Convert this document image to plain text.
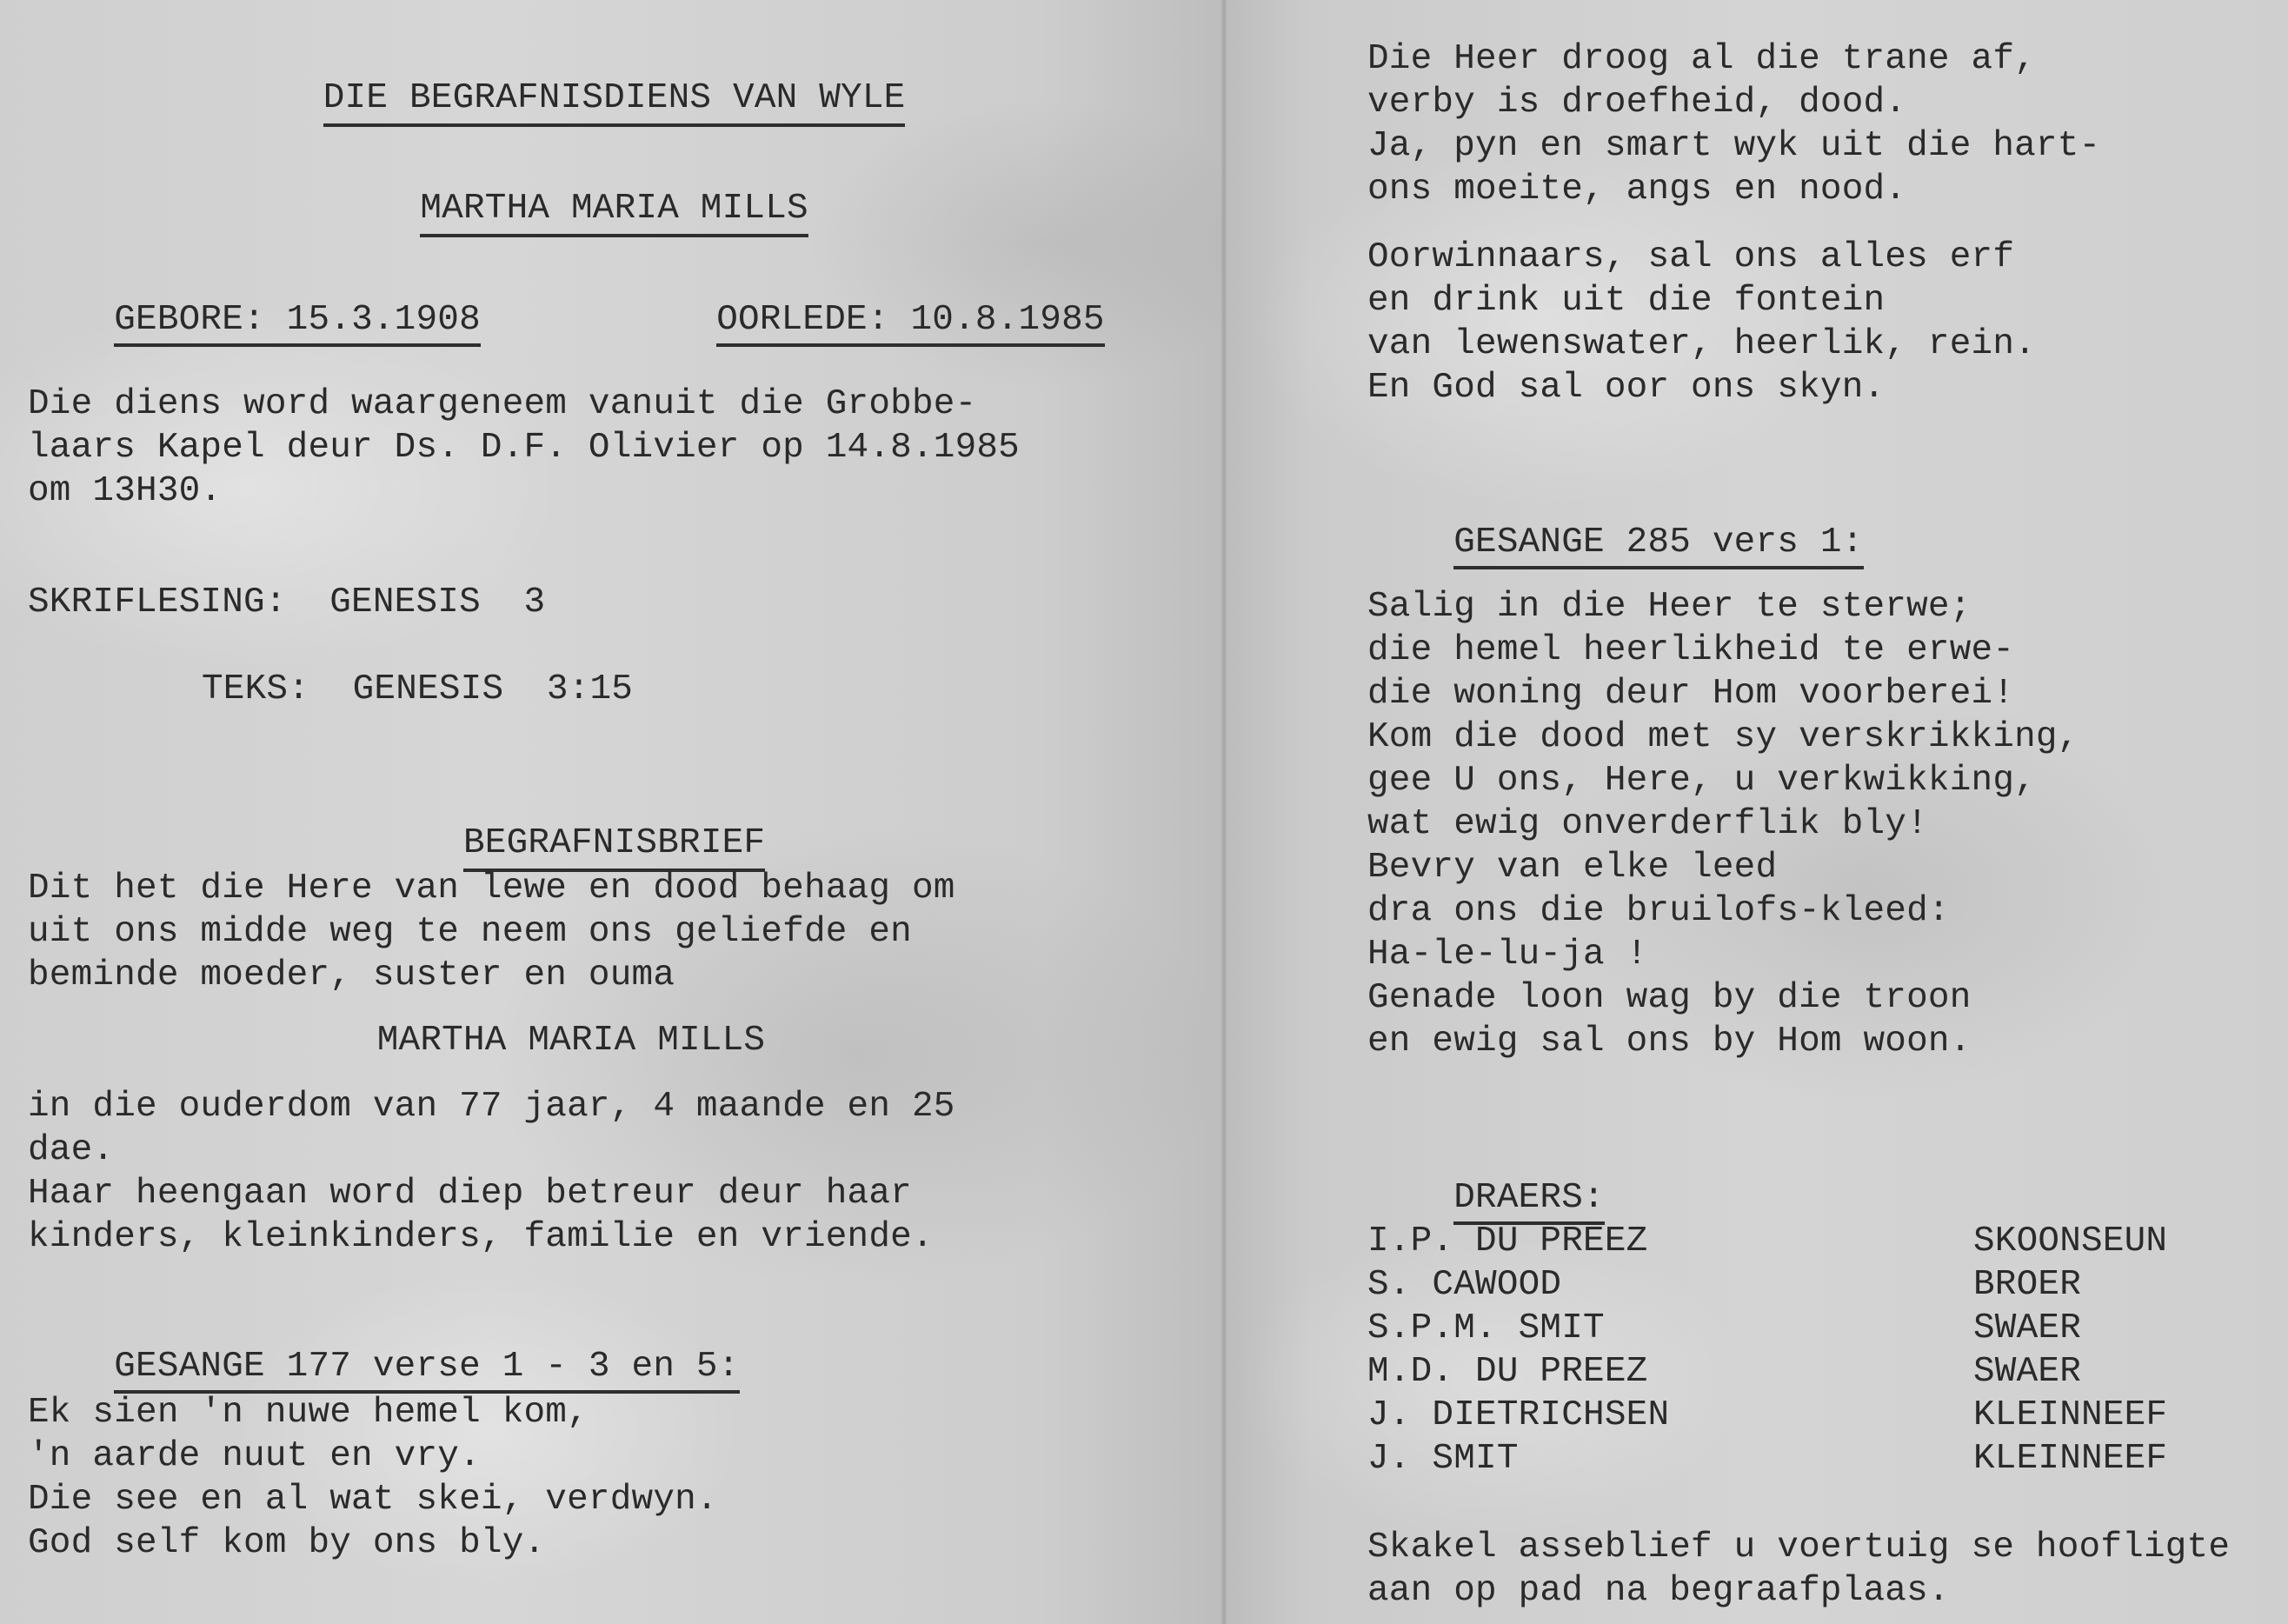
DIE BEGRAFNISDIENS VAN WYLE

MARTHA MARIA MILLS

GEBORE: 15.3.1908
	OORLEDE: 10.8.1985

Die diens word waargeneem vanuit die Grobbe-

laars Kapel deur Ds. D.F. Olivier op 14.8.1985

om 13H30.

SKRIFLESING:  GENESIS  3

TEKS:  GENESIS  3:15

BEGRAFNISBRIEF

Dit het die Here van lewe en dood behaag om

uit ons midde weg te neem ons geliefde en

beminde moeder, suster en ouma

MARTHA MARIA MILLS

in die ouderdom van 77 jaar, 4 maande en 25

dae.

Haar heengaan word diep betreur deur haar

kinders, kleinkinders, familie en vriende.

GESANGE 177 verse 1 - 3 en 5:

Ek sien 'n nuwe hemel kom,

'n aarde nuut en vry.

Die see en al wat skei, verdwyn.

God self kom by ons bly.

Die Heer droog al die trane af,

verby is droefheid, dood.

Ja, pyn en smart wyk uit die hart-

ons moeite, angs en nood.

Oorwinnaars, sal ons alles erf

en drink uit die fontein

van lewenswater, heerlik, rein.

En God sal oor ons skyn.

GESANGE 285 vers 1:

Salig in die Heer te sterwe;

die hemel heerlikheid te erwe-

die woning deur Hom voorberei!

Kom die dood met sy verskrikking,

gee U ons, Here, u verkwikking,

wat ewig onverderflik bly!

Bevry van elke leed

dra ons die bruilofs-kleed:

Ha-le-lu-ja !

Genade loon wag by die troon

en ewig sal ons by Hom woon.

DRAERS:

I.P. DU PREEZ	SKOONSEUN

S. CAWOOD	BROER

S.P.M. SMIT	SWAER

M.D. DU PREEZ	SWAER

J. DIETRICHSEN	KLEINNEEF

J. SMIT	KLEINNEEF

Skakel asseblief u voertuig se hoofligte

aan op pad na begraafplaas.
